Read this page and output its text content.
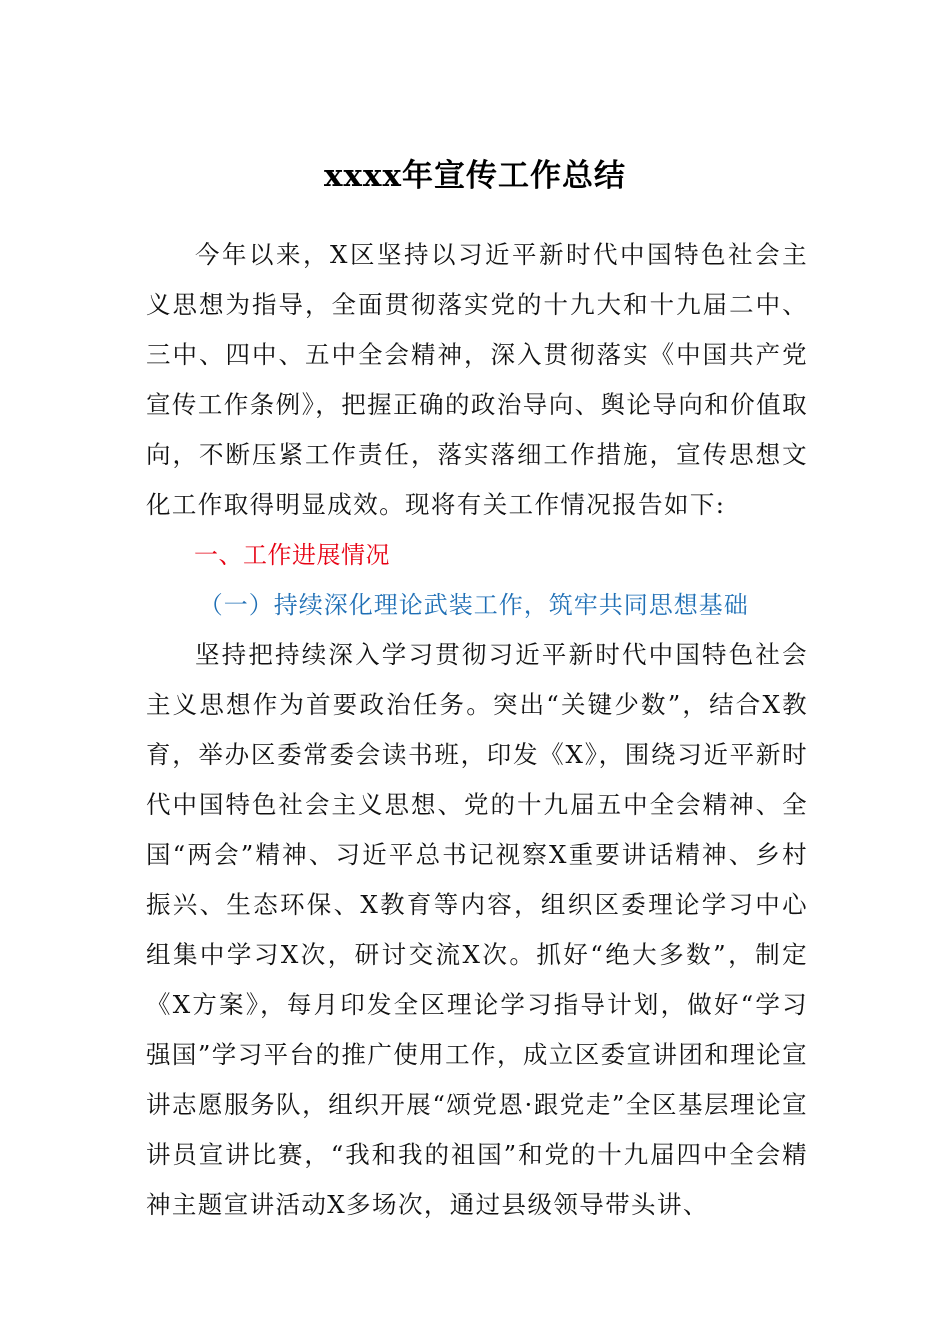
xxxx年宣传工作总结

今年以来，X区坚持以习近平新时代中国特色社会主义思想为指导，全面贯彻落实党的十九大和十九届二中、三中、四中、五中全会精神，深入贯彻落实《中国共产党宣传工作条例》，把握正确的政治导向、舆论导向和价值取向，不断压紧工作责任，落实落细工作措施，宣传思想文化工作取得明显成效。现将有关工作情况报告如下:

一、工作进展情况

（一）持续深化理论武装工作，筑牢共同思想基础

坚持把持续深入学习贯彻习近平新时代中国特色社会主义思想作为首要政治任务。突出“关键少数”，结合X教育，举办区委常委会读书班，印发《X》，围绕习近平新时代中国特色社会主义思想、党的十九届五中全会精神、全国“两会”精神、习近平总书记视察X重要讲话精神、乡村振兴、生态环保、X教育等内容，组织区委理论学习中心组集中学习X次，研讨交流X次。抓好“绝大多数”，制定《X方案》，每月印发全区理论学习指导计划，做好“学习强国”学习平台的推广使用工作，成立区委宣讲团和理论宣讲志愿服务队，组织开展“颂党恩·跟党走”全区基层理论宣讲员宣讲比赛，“我和我的祖国”和党的十九届四中全会精神主题宣讲活动X多场次，通过县级领导带头讲、
